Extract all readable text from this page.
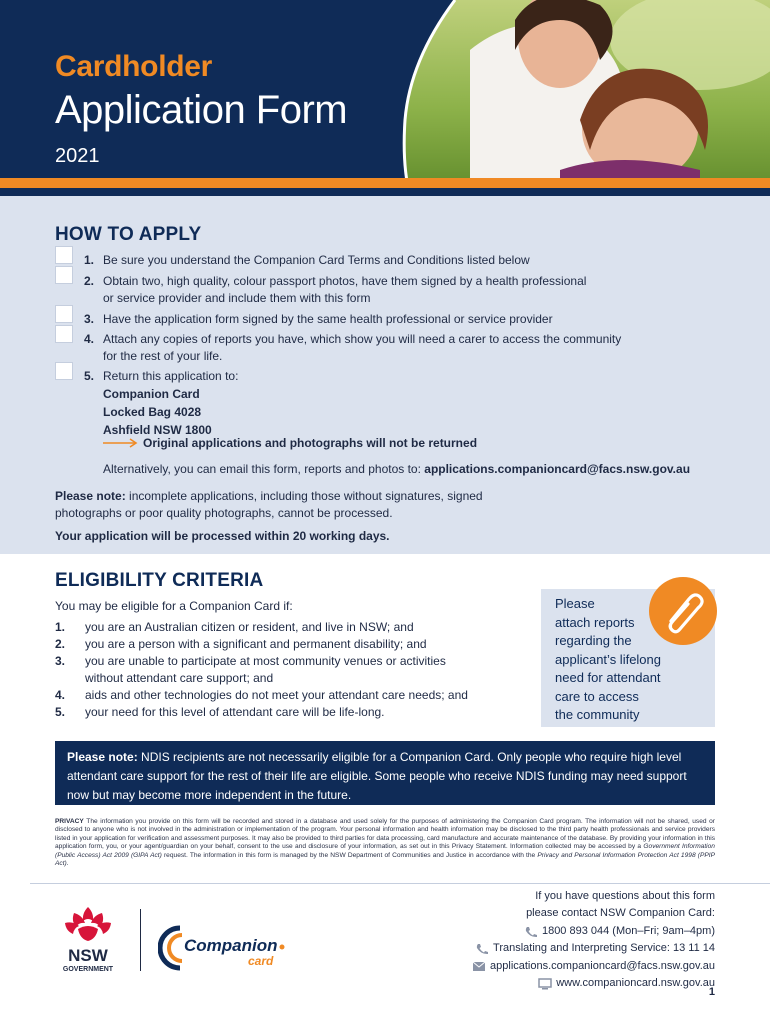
Cardholder
Application Form
2021
HOW TO APPLY
1. Be sure you understand the Companion Card Terms and Conditions listed below
2. Obtain two, high quality, colour passport photos, have them signed by a health professional
or service provider and include them with this form
3. Have the application form signed by the same health professional or service provider
4. Attach any copies of reports you have, which show you will need a carer to access the community
for the rest of your life.
5. Return this application to:
Companion Card
Locked Bag 4028
Ashfield NSW 1800
Original applications and photographs will not be returned
Alternatively, you can email this form, reports and photos to: applications.companioncard@facs.nsw.gov.au
Please note: incomplete applications, including those without signatures, signed
photographs or poor quality photographs, cannot be processed.
Your application will be processed within 20 working days.
ELIGIBILITY CRITERIA
You may be eligible for a Companion Card if:
1. you are an Australian citizen or resident, and live in NSW; and
2. you are a person with a significant and permanent disability; and
3. you are unable to participate at most community venues or activities
without attendant care support; and
4. aids and other technologies do not meet your attendant care needs; and
5. your need for this level of attendant care will be life-long.
Please
attach reports
regarding the
applicant’s lifelong
need for attendant
care to access
the community
Please note: NDIS recipients are not necessarily eligible for a Companion Card. Only people who require high level attendant care support for the rest of their life are eligible. Some people who receive NDIS funding may need support now but may become more independent in the future.
PRIVACY The information you provide on this form will be recorded and stored in a database and used solely for the purposes of administering the Companion Card program. The information will not be shared, used or disclosed to anyone who is not involved in the administration or implementation of the program. Your personal information and health information may be disclosed to the third party health professionals and service providers listed in your application for verification and assessment purposes. It may also be provided to third parties for data processing, card manufacture and accurate maintenance of the database. By providing your information in this application form, you, or your agent/guardian on your behalf, consent to the use and disclosure of your information, as set out in this Privacy Statement. Information collected may be accessed by a Government Information (Public Access) Act 2009 (GIPA Act) request. The information in this form is managed by the NSW Department of Communities and Justice in accordance with the Privacy and Personal Information Protection Act 1998 (PPIP Act).
NSW
GOVERNMENT
Companion
card
If you have questions about this form
please contact NSW Companion Card:
1800 893 044 (Mon–Fri; 9am–4pm)
Translating and Interpreting Service: 13 11 14
applications.companioncard@facs.nsw.gov.au
www.companioncard.nsw.gov.au
1
